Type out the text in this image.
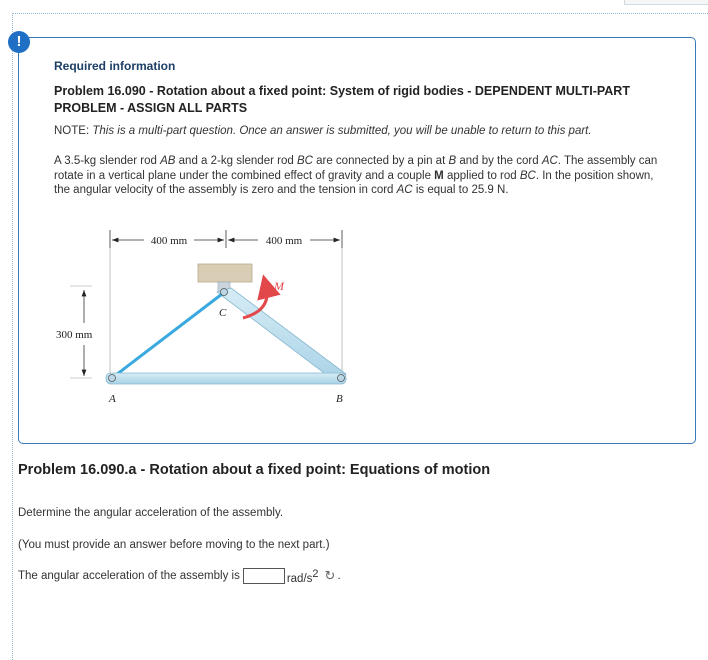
!

Required information

Problem 16.090 - Rotation about a fixed point: System of rigid bodies - DEPENDENT MULTI-PART PROBLEM - ASSIGN ALL PARTS

NOTE: This is a multi-part question. Once an answer is submitted, you will be unable to return to this part.

A 3.5-kg slender rod AB and a 2-kg slender rod BC are connected by a pin at B and by the cord AC. The assembly can rotate in a vertical plane under the combined effect of gravity and a couple M applied to rod BC. In the position shown, the angular velocity of the assembly is zero and the tension in cord AC is equal to 25.9 N.

400 mm	400 mm
300 mm
M
A	B
C

Problem 16.090.a - Rotation about a fixed point: Equations of motion

Determine the angular acceleration of the assembly.

(You must provide an answer before moving to the next part.)

The angular acceleration of the assembly is	rad/$s^2$ ↻ .
